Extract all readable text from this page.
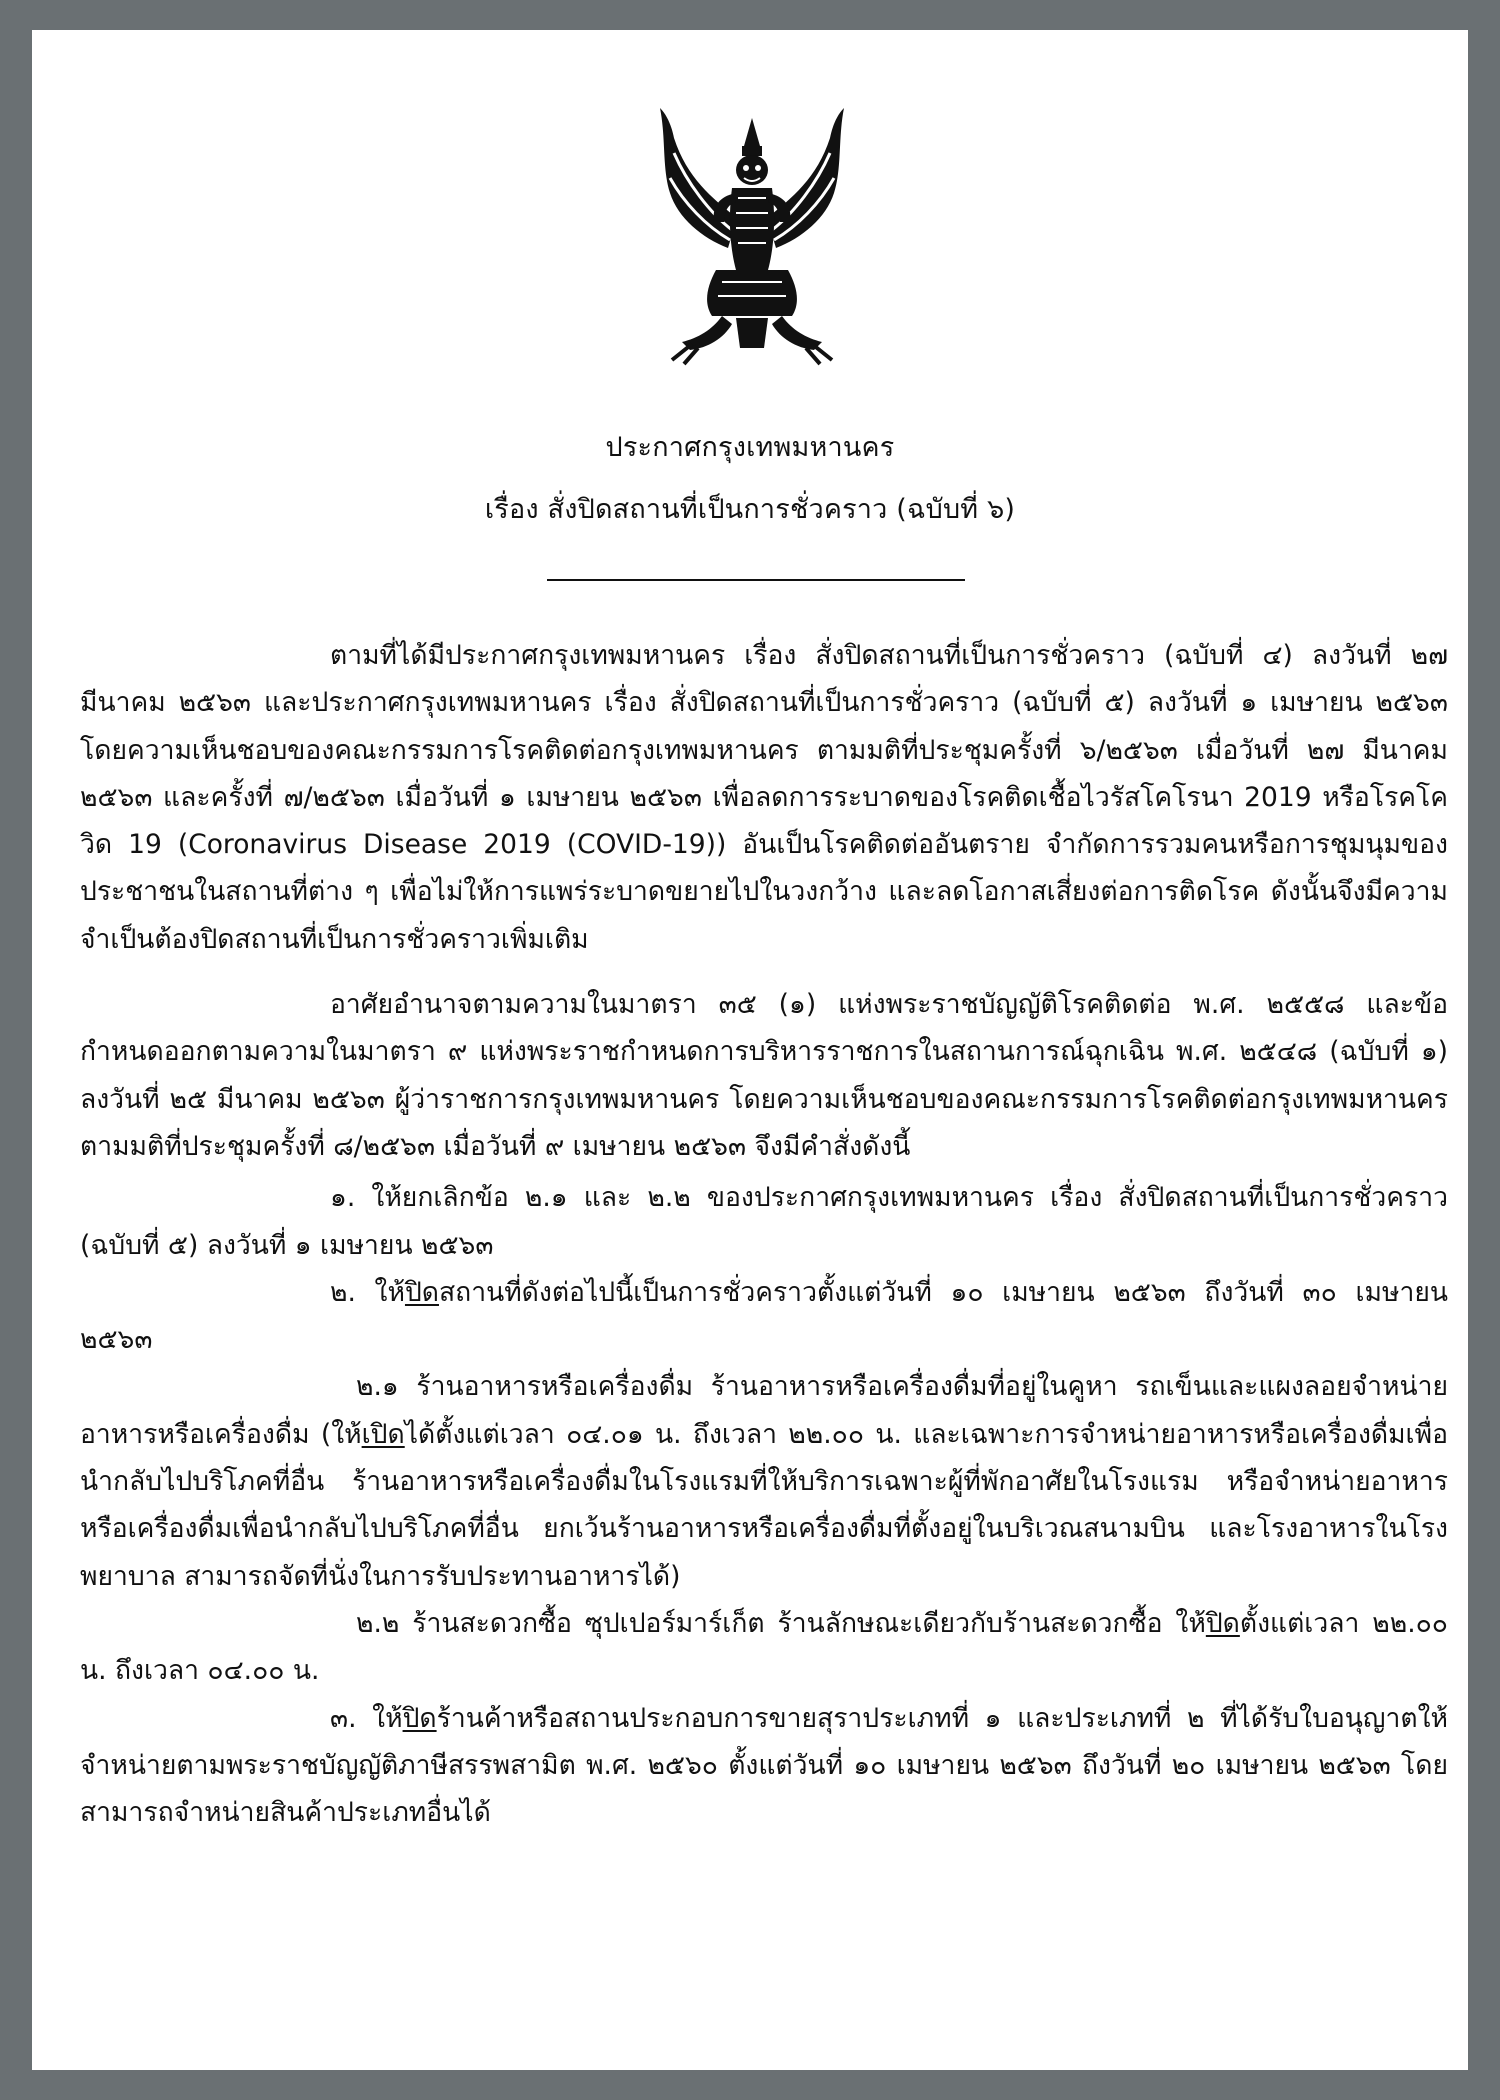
ประกาศกรุงเทพมหานคร
เรื่อง สั่งปิดสถานที่เป็นการชั่วคราว (ฉบับที่ ๖)

ตามที่ได้มีประกาศกรุงเทพมหานคร เรื่อง สั่งปิดสถานที่เป็นการชั่วคราว (ฉบับที่ ๔) ลงวันที่ ๒๗ มีนาคม ๒๕๖๓ และประกาศกรุงเทพมหานคร เรื่อง สั่งปิดสถานที่เป็นการชั่วคราว (ฉบับที่ ๕) ลงวันที่ ๑ เมษายน ๒๕๖๓ โดยความเห็นชอบของคณะกรรมการโรคติดต่อกรุงเทพมหานคร ตามมติที่ประชุมครั้งที่ ๖/๒๕๖๓ เมื่อวันที่ ๒๗ มีนาคม ๒๕๖๓ และครั้งที่ ๗/๒๕๖๓ เมื่อวันที่ ๑ เมษายน ๒๕๖๓ เพื่อลดการระบาดของโรคติดเชื้อไวรัสโคโรนา 2019 หรือโรคโควิด 19 (Coronavirus Disease 2019 (COVID-19)) อันเป็นโรคติดต่ออันตราย จำกัดการรวมคนหรือการชุมนุมของประชาชนในสถานที่ต่าง ๆ เพื่อไม่ให้การแพร่ระบาดขยายไปในวงกว้าง และลดโอกาสเสี่ยงต่อการติดโรค ดังนั้นจึงมีความจำเป็นต้องปิดสถานที่เป็นการชั่วคราวเพิ่มเติม

อาศัยอำนาจตามความในมาตรา ๓๕ (๑) แห่งพระราชบัญญัติโรคติดต่อ พ.ศ. ๒๕๕๘ และข้อกำหนดออกตามความในมาตรา ๙ แห่งพระราชกำหนดการบริหารราชการในสถานการณ์ฉุกเฉิน พ.ศ. ๒๕๔๘ (ฉบับที่ ๑) ลงวันที่ ๒๕ มีนาคม ๒๕๖๓ ผู้ว่าราชการกรุงเทพมหานคร โดยความเห็นชอบของคณะกรรมการโรคติดต่อกรุงเทพมหานคร ตามมติที่ประชุมครั้งที่ ๘/๒๕๖๓ เมื่อวันที่ ๙ เมษายน ๒๕๖๓ จึงมีคำสั่งดังนี้

๑. ให้ยกเลิกข้อ ๒.๑ และ ๒.๒ ของประกาศกรุงเทพมหานคร เรื่อง สั่งปิดสถานที่เป็นการชั่วคราว (ฉบับที่ ๕) ลงวันที่ ๑ เมษายน ๒๕๖๓

๒. ให้ปิดสถานที่ดังต่อไปนี้เป็นการชั่วคราวตั้งแต่วันที่ ๑๐ เมษายน ๒๕๖๓ ถึงวันที่ ๓๐ เมษายน ๒๕๖๓

๒.๑ ร้านอาหารหรือเครื่องดื่ม ร้านอาหารหรือเครื่องดื่มที่อยู่ในคูหา รถเข็นและแผงลอยจำหน่ายอาหารหรือเครื่องดื่ม (ให้เปิดได้ตั้งแต่เวลา ๐๔.๐๑ น. ถึงเวลา ๒๒.๐๐ น. และเฉพาะการจำหน่ายอาหารหรือเครื่องดื่มเพื่อนำกลับไปบริโภคที่อื่น ร้านอาหารหรือเครื่องดื่มในโรงแรมที่ให้บริการเฉพาะผู้ที่พักอาศัยในโรงแรม หรือจำหน่ายอาหารหรือเครื่องดื่มเพื่อนำกลับไปบริโภคที่อื่น ยกเว้นร้านอาหารหรือเครื่องดื่มที่ตั้งอยู่ในบริเวณสนามบิน และโรงอาหารในโรงพยาบาล สามารถจัดที่นั่งในการรับประทานอาหารได้)

๒.๒ ร้านสะดวกซื้อ ซุปเปอร์มาร์เก็ต ร้านลักษณะเดียวกับร้านสะดวกซื้อ ให้ปิดตั้งแต่เวลา ๒๒.๐๐ น. ถึงเวลา ๐๔.๐๐ น.

๓. ให้ปิดร้านค้าหรือสถานประกอบการขายสุราประเภทที่ ๑ และประเภทที่ ๒ ที่ได้รับใบอนุญาตให้จำหน่ายตามพระราชบัญญัติภาษีสรรพสามิต พ.ศ. ๒๕๖๐ ตั้งแต่วันที่ ๑๐ เมษายน ๒๕๖๓ ถึงวันที่ ๒๐ เมษายน ๒๕๖๓ โดยสามารถจำหน่ายสินค้าประเภทอื่นได้
